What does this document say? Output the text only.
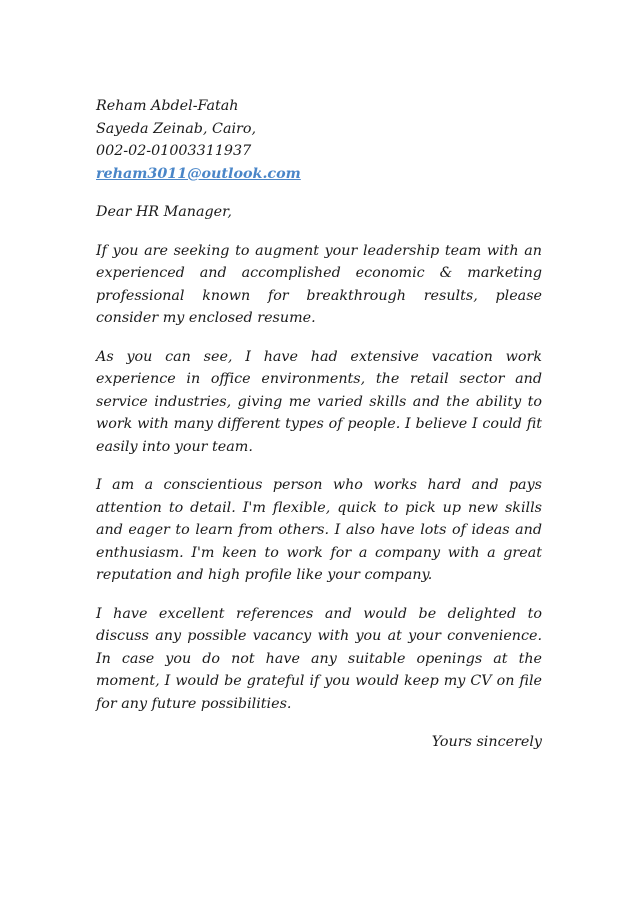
Reham Abdel-Fatah
Sayeda Zeinab, Cairo,
002-02-01003311937
reham3011@outlook.com
Dear HR Manager,

If you are seeking to augment your leadership team with an experienced and accomplished economic & marketing professional known for breakthrough results, please consider my enclosed resume.

As you can see, I have had extensive vacation work experience in office environments, the retail sector and service industries, giving me varied skills and the ability to work with many different types of people. I believe I could fit easily into your team.

I am a conscientious person who works hard and pays attention to detail. I'm flexible, quick to pick up new skills and eager to learn from others. I also have lots of ideas and enthusiasm. I'm keen to work for a company with a great reputation and high profile like your company.

I have excellent references and would be delighted to discuss any possible vacancy with you at your convenience. In case you do not have any suitable openings at the moment, I would be grateful if you would keep my CV on file for any future possibilities.

Yours sincerely
